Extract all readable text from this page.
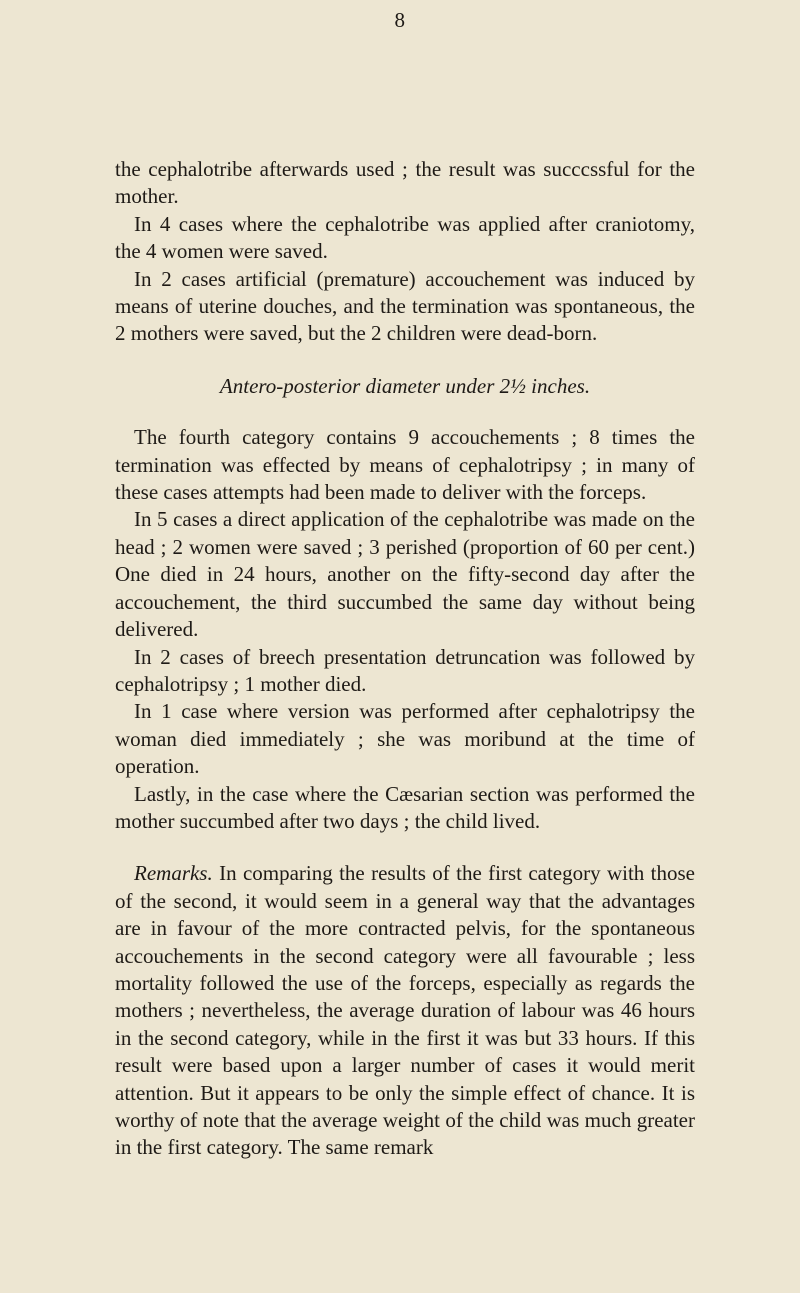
8

the cephalotribe afterwards used ; the result was succcssful for the mother.

In 4 cases where the cephalotribe was applied after craniotomy, the 4 women were saved.

In 2 cases artificial (premature) accouchement was induced by means of uterine douches, and the termination was spontaneous, the 2 mothers were saved, but the 2 children were dead-born.

Antero-posterior diameter under 2½ inches.

The fourth category contains 9 accouchements ; 8 times the termination was effected by means of cephalotripsy ; in many of these cases attempts had been made to deliver with the forceps.

In 5 cases a direct application of the cephalotribe was made on the head ; 2 women were saved ; 3 perished (proportion of 60 per cent.) One died in 24 hours, another on the fifty-second day after the accouchement, the third succumbed the same day without being delivered.

In 2 cases of breech presentation detruncation was followed by cephalotripsy ; 1 mother died.

In 1 case where version was performed after cephalotripsy the woman died immediately ; she was moribund at the time of operation.

Lastly, in the case where the Cæsarian section was performed the mother succumbed after two days ; the child lived.

Remarks. In comparing the results of the first category with those of the second, it would seem in a general way that the advantages are in favour of the more contracted pelvis, for the spontaneous accouchements in the second category were all favourable ; less mortality followed the use of the forceps, especially as regards the mothers ; nevertheless, the average duration of labour was 46 hours in the second category, while in the first it was but 33 hours. If this result were based upon a larger number of cases it would merit attention. But it appears to be only the simple effect of chance. It is worthy of note that the average weight of the child was much greater in the first category. The same remark
